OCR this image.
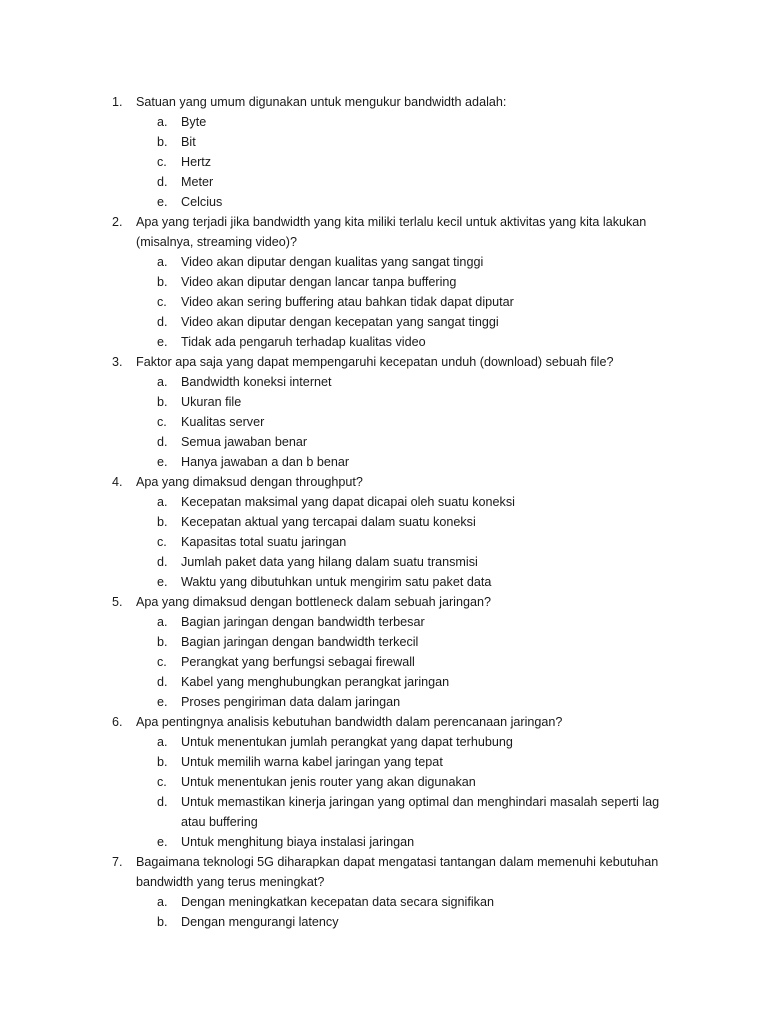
1. Satuan yang umum digunakan untuk mengukur bandwidth adalah:
a. Byte
b. Bit
c. Hertz
d. Meter
e. Celcius
2. Apa yang terjadi jika bandwidth yang kita miliki terlalu kecil untuk aktivitas yang kita lakukan (misalnya, streaming video)?
a. Video akan diputar dengan kualitas yang sangat tinggi
b. Video akan diputar dengan lancar tanpa buffering
c. Video akan sering buffering atau bahkan tidak dapat diputar
d. Video akan diputar dengan kecepatan yang sangat tinggi
e. Tidak ada pengaruh terhadap kualitas video
3. Faktor apa saja yang dapat mempengaruhi kecepatan unduh (download) sebuah file?
a. Bandwidth koneksi internet
b. Ukuran file
c. Kualitas server
d. Semua jawaban benar
e. Hanya jawaban a dan b benar
4. Apa yang dimaksud dengan throughput?
a. Kecepatan maksimal yang dapat dicapai oleh suatu koneksi
b. Kecepatan aktual yang tercapai dalam suatu koneksi
c. Kapasitas total suatu jaringan
d. Jumlah paket data yang hilang dalam suatu transmisi
e. Waktu yang dibutuhkan untuk mengirim satu paket data
5. Apa yang dimaksud dengan bottleneck dalam sebuah jaringan?
a. Bagian jaringan dengan bandwidth terbesar
b. Bagian jaringan dengan bandwidth terkecil
c. Perangkat yang berfungsi sebagai firewall
d. Kabel yang menghubungkan perangkat jaringan
e. Proses pengiriman data dalam jaringan
6. Apa pentingnya analisis kebutuhan bandwidth dalam perencanaan jaringan?
a. Untuk menentukan jumlah perangkat yang dapat terhubung
b. Untuk memilih warna kabel jaringan yang tepat
c. Untuk menentukan jenis router yang akan digunakan
d. Untuk memastikan kinerja jaringan yang optimal dan menghindari masalah seperti lag atau buffering
e. Untuk menghitung biaya instalasi jaringan
7. Bagaimana teknologi 5G diharapkan dapat mengatasi tantangan dalam memenuhi kebutuhan bandwidth yang terus meningkat?
a. Dengan meningkatkan kecepatan data secara signifikan
b. Dengan mengurangi latency
